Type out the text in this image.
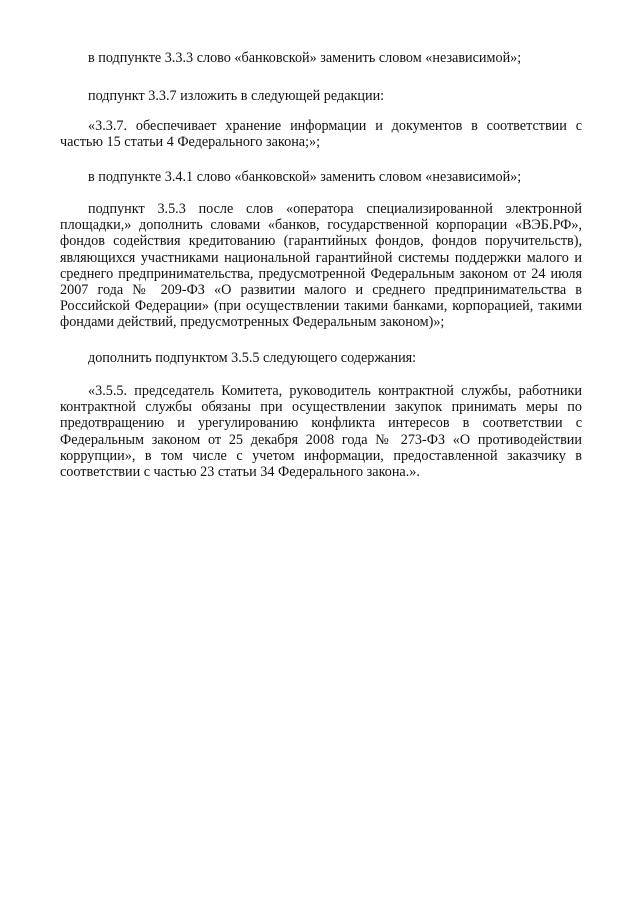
в подпункте 3.3.3 слово «банковской» заменить словом «независимой»;

подпункт 3.3.7 изложить в следующей редакции:

«3.3.7. обеспечивает хранение информации и документов в соответствии с частью 15 статьи 4 Федерального закона;»;

в подпункте 3.4.1 слово «банковской» заменить словом «независимой»;

подпункт 3.5.3 после слов «оператора специализированной электронной площадки,» дополнить словами «банков, государственной корпорации «ВЭБ.РФ», фондов содействия кредитованию (гарантийных фондов, фондов поручительств), являющихся участниками национальной гарантийной системы поддержки малого и среднего предпринимательства, предусмотренной Федеральным законом от 24 июля 2007 года № 209-ФЗ «О развитии малого и среднего предпринимательства в Российской Федерации» (при осуществлении такими банками, корпорацией, такими фондами действий, предусмотренных Федеральным законом)»;

дополнить подпунктом 3.5.5 следующего содержания:

«3.5.5. председатель Комитета, руководитель контрактной службы, работники контрактной службы обязаны при осуществлении закупок принимать меры по предотвращению и урегулированию конфликта интересов в соответствии с Федеральным законом от 25 декабря 2008 года № 273-ФЗ «О противодействии коррупции», в том числе с учетом информации, предоставленной заказчику в соответствии с частью 23 статьи 34 Федерального закона.».
